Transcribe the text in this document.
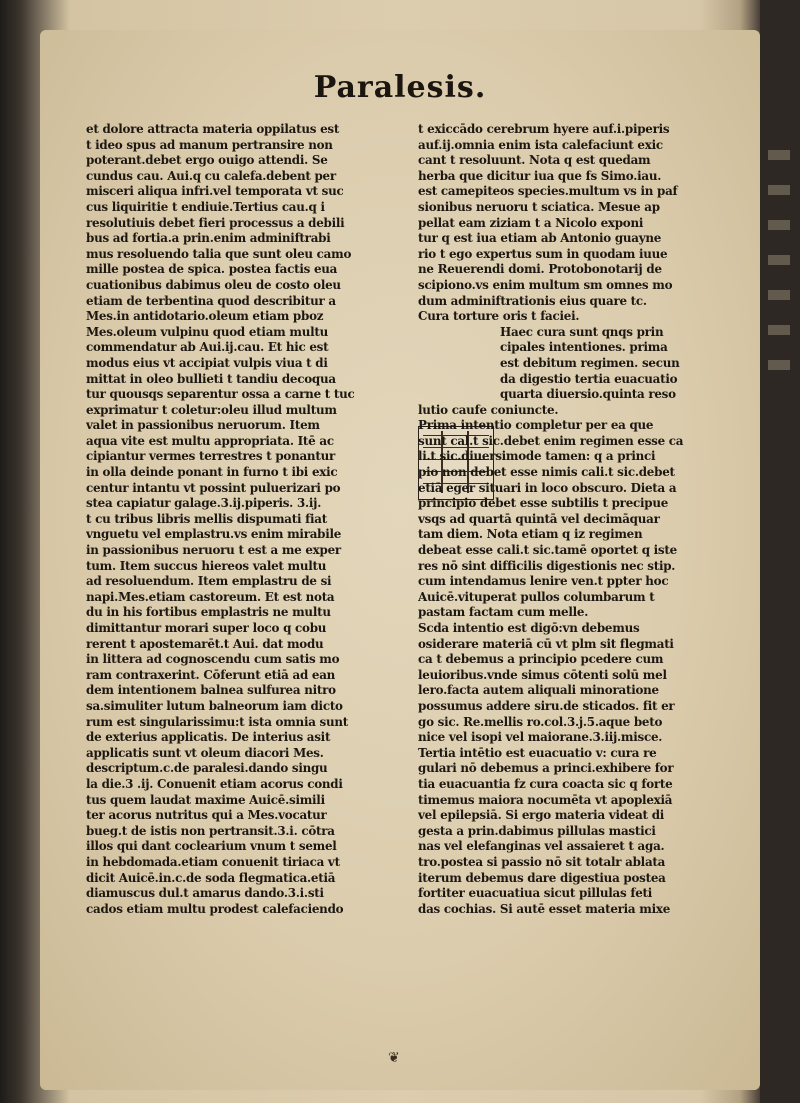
Paralesis.
et dolore attracta materia oppilatus est
t ideo spus ad manum pertransire non
poterant.debet ergo ouigo attendi. Se
cundus cau. Aui.q cu calefa.debent per
misceri aliqua infri.vel temporata vt suc
cus liquiritie t endiuie.Tertius cau.q i
resolutiuis debet fieri processus a debili
bus ad fortia.a prin.enim adminiftrabi
mus resoluendo talia que sunt oleu camo
mille postea de spica. postea factis eua
cuationibus dabimus oleu de costo oleu
etiam de terbentina quod describitur a
Mes.in antidotario.oleum etiam pboz
Mes.oleum vulpinu quod etiam multu
commendatur ab Aui.ij.cau. Et hic est
modus eius vt accipiat vulpis viua t di
mittat in oleo bullieti t tandiu decoqua
tur quousqs separentur ossa a carne t tuc
exprimatur t coletur:oleu illud multum
valet in passionibus neruorum. Item
aqua vite est multu appropriata. Itē ac
cipiantur vermes terrestres t ponantur
in olla deinde ponant in furno t ibi exic
centur intantu vt possint puluerizari po
stea capiatur galage.3.ij.piperis. 3.ij.
t cu tribus libris mellis dispumati fiat
vnguetu vel emplastru.vs enim mirabile
in passionibus neruoru t est a me exper
tum. Item succus hiereos valet multu
ad resoluendum. Item emplastru de si
napi.Mes.etiam castoreum. Et est nota
du in his fortibus emplastris ne multu
dimittantur morari super loco q cobu
rerent t apostemarēt.t Aui. dat modu
in littera ad cognoscendu cum satis mo
ram contraxerint. Cōferunt etiā ad ean
dem intentionem balnea sulfurea nitro
sa.simuliter lutum balneorum iam dicto
rum est singularissimu:t ista omnia sunt
de exterius applicatis. De interius asit
applicatis sunt vt oleum diacori Mes.
descriptum.c.de paralesi.dando singu
la die.3 .ij. Conuenit etiam acorus condi
tus quem laudat maxime Auicē.simili
ter acorus nutritus qui a Mes.vocatur
bueg.t de istis non pertransit.3.i. cōtra
illos qui dant coclearium vnum t semel
in hebdomada.etiam conuenit tiriaca vt
dicit Auicē.in.c.de soda flegmatica.etiā
diamuscus dul.t amarus dando.3.i.sti
cados etiam multu prodest calefaciendo
t exiccādo cerebrum hyere auf.i.piperis
auf.ij.omnia enim ista calefaciunt exic
cant t resoluunt. Nota q est quedam
herba que dicitur iua que fs Simo.iau.
est camepiteos species.multum vs in paf
sionibus neruoru t sciatica. Mesue ap
pellat eam ziziam t a Nicolo exponi
tur q est iua etiam ab Antonio guayne
rio t ego expertus sum in quodam iuue
ne Reuerendi domi. Protobonotarij de
scipiono.vs enim multum sm omnes mo
dum adminiftrationis eius quare tc.
Cura torture oris t faciei.
Haec cura sunt qnqs prin
cipales intentiones. prima
est debitum regimen. secun
da digestio tertia euacuatio
quarta diuersio.quinta reso
lutio caufe coniuncte.
Prima intentio completur per ea que
sunt cal.t sic.debet enim regimen esse ca
li.t sic.diuersimode tamen: q a princi
pio non debet esse nimis cali.t sic.debet
etiā eger situari in loco obscuro. Dieta a
principio debet esse subtilis t precipue
vsqs ad quartā quintā vel decimāquar
tam diem. Nota etiam q iz regimen
debeat esse cali.t sic.tamē oportet q iste
res nō sint difficilis digestionis nec stip.
cum intendamus lenire ven.t ppter hoc
Auicē.vituperat pullos columbarum t
pastam factam cum melle.
Scda intentio est digō:vn debemus
osiderare materiā cū vt plm sit flegmati
ca t debemus a principio pcedere cum
leuioribus.vnde simus cōtenti solū mel
lero.facta autem aliquali minoratione
possumus addere siru.de sticados. fit er
go sic. Re.mellis ro.col.3.j.5.aque beto
nice vel isopi vel maiorane.3.iij.misce.
Tertia intētio est euacuatio v: cura re
gulari nō debemus a princi.exhibere for
tia euacuantia fz cura coacta sic q forte
timemus maiora nocumēta vt apoplexiā
vel epilepsiā. Si ergo materia videat di
gesta a prin.dabimus pillulas mastici
nas vel elefanginas vel assaieret t aga.
tro.postea si passio nō sit totalr ablata
iterum debemus dare digestiua postea
fortiter euacuatiua sicut pillulas feti
das cochias. Si autē esset materia mixe
❦
